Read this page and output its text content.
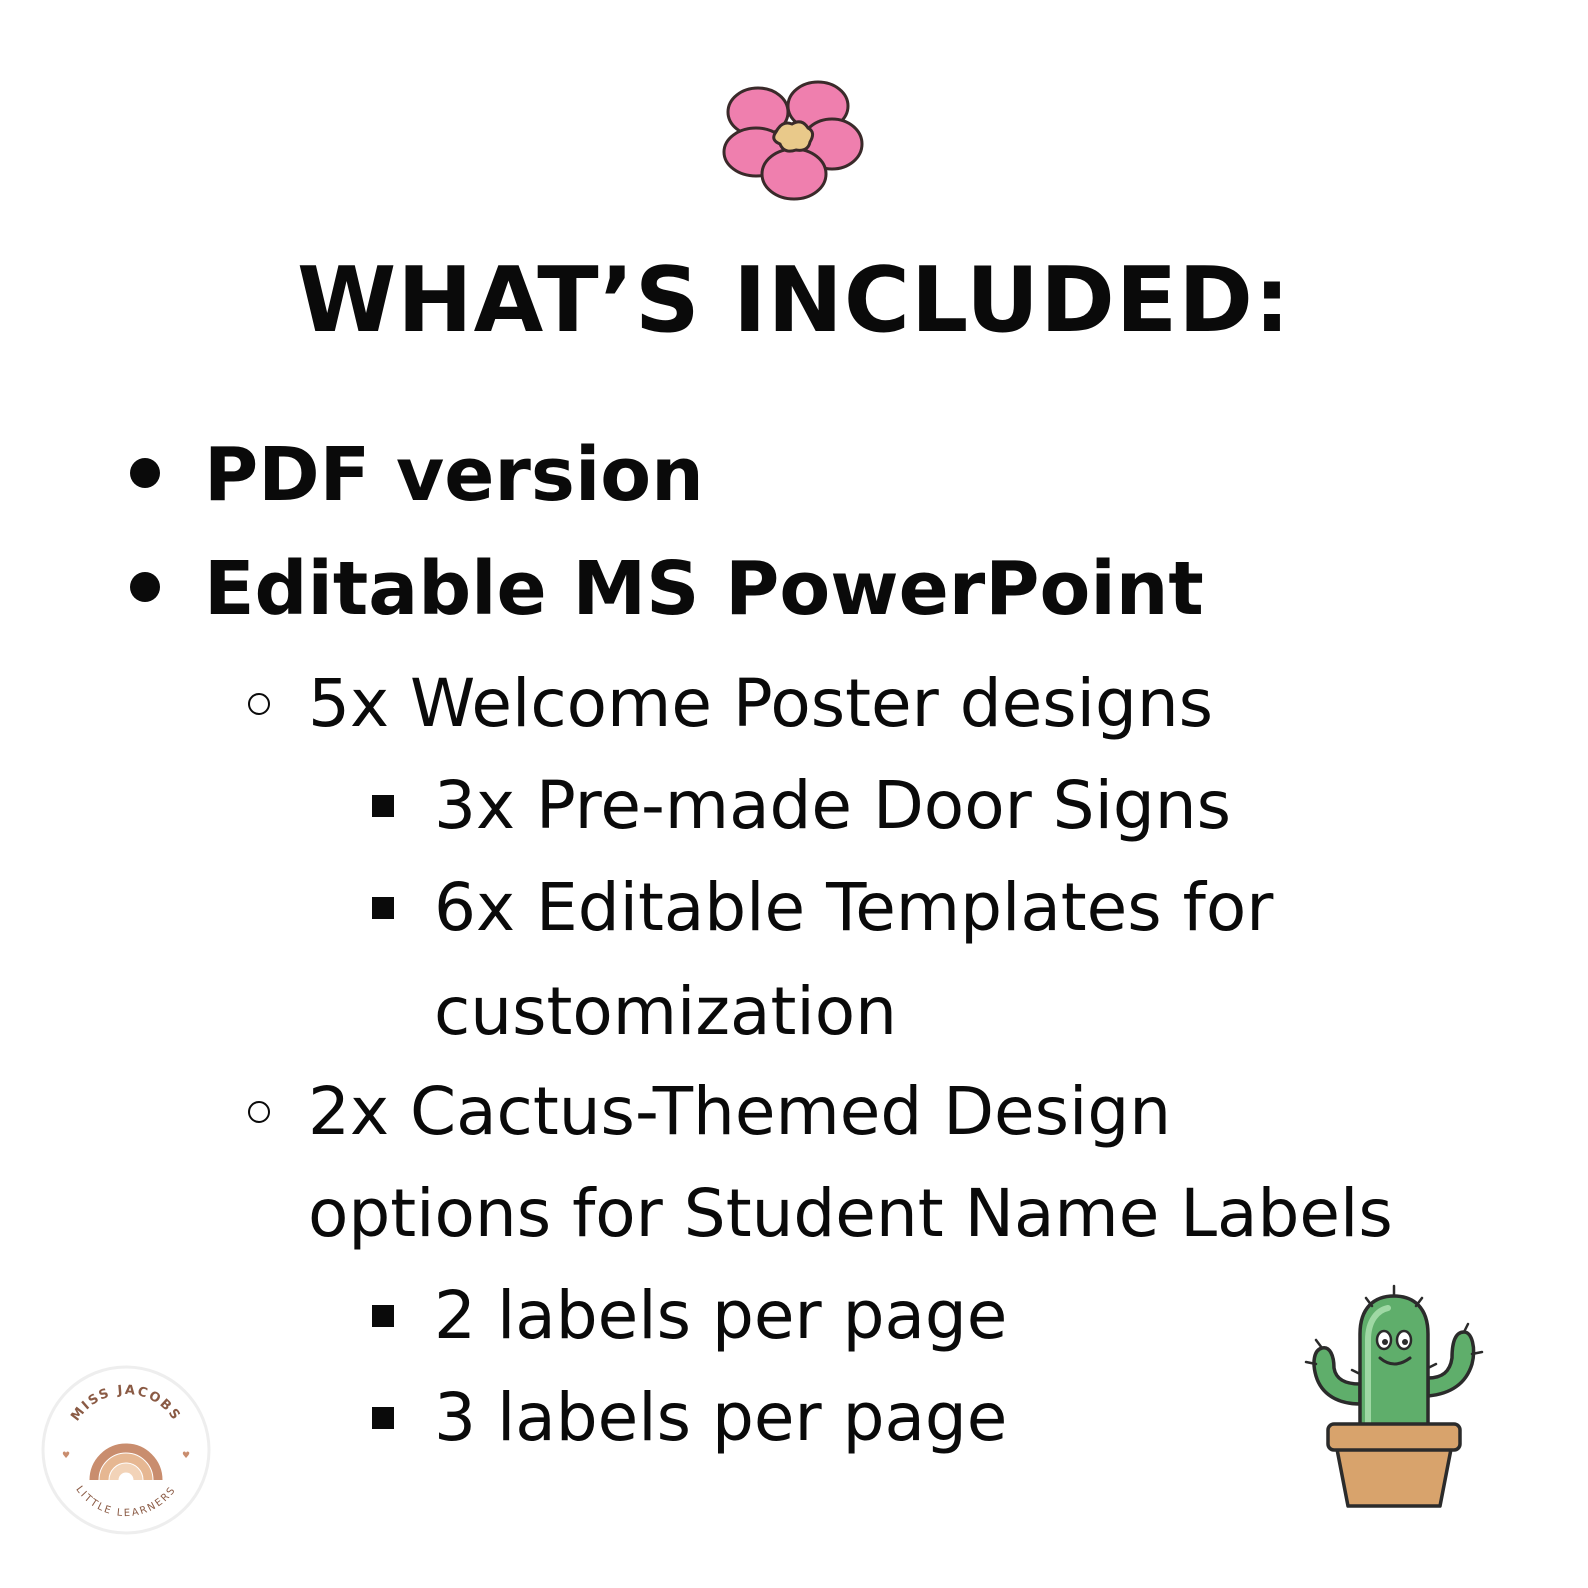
WHAT’S INCLUDED:
PDF version
Editable MS PowerPoint
5x Welcome Poster designs
3x Pre-made Door Signs
6x Editable Templates for
customization
2x Cactus-Themed Design
options for Student Name Labels
2 labels per page
3 labels per page
MISS JACOBS
LITTLE LEARNERS
♥	♥
